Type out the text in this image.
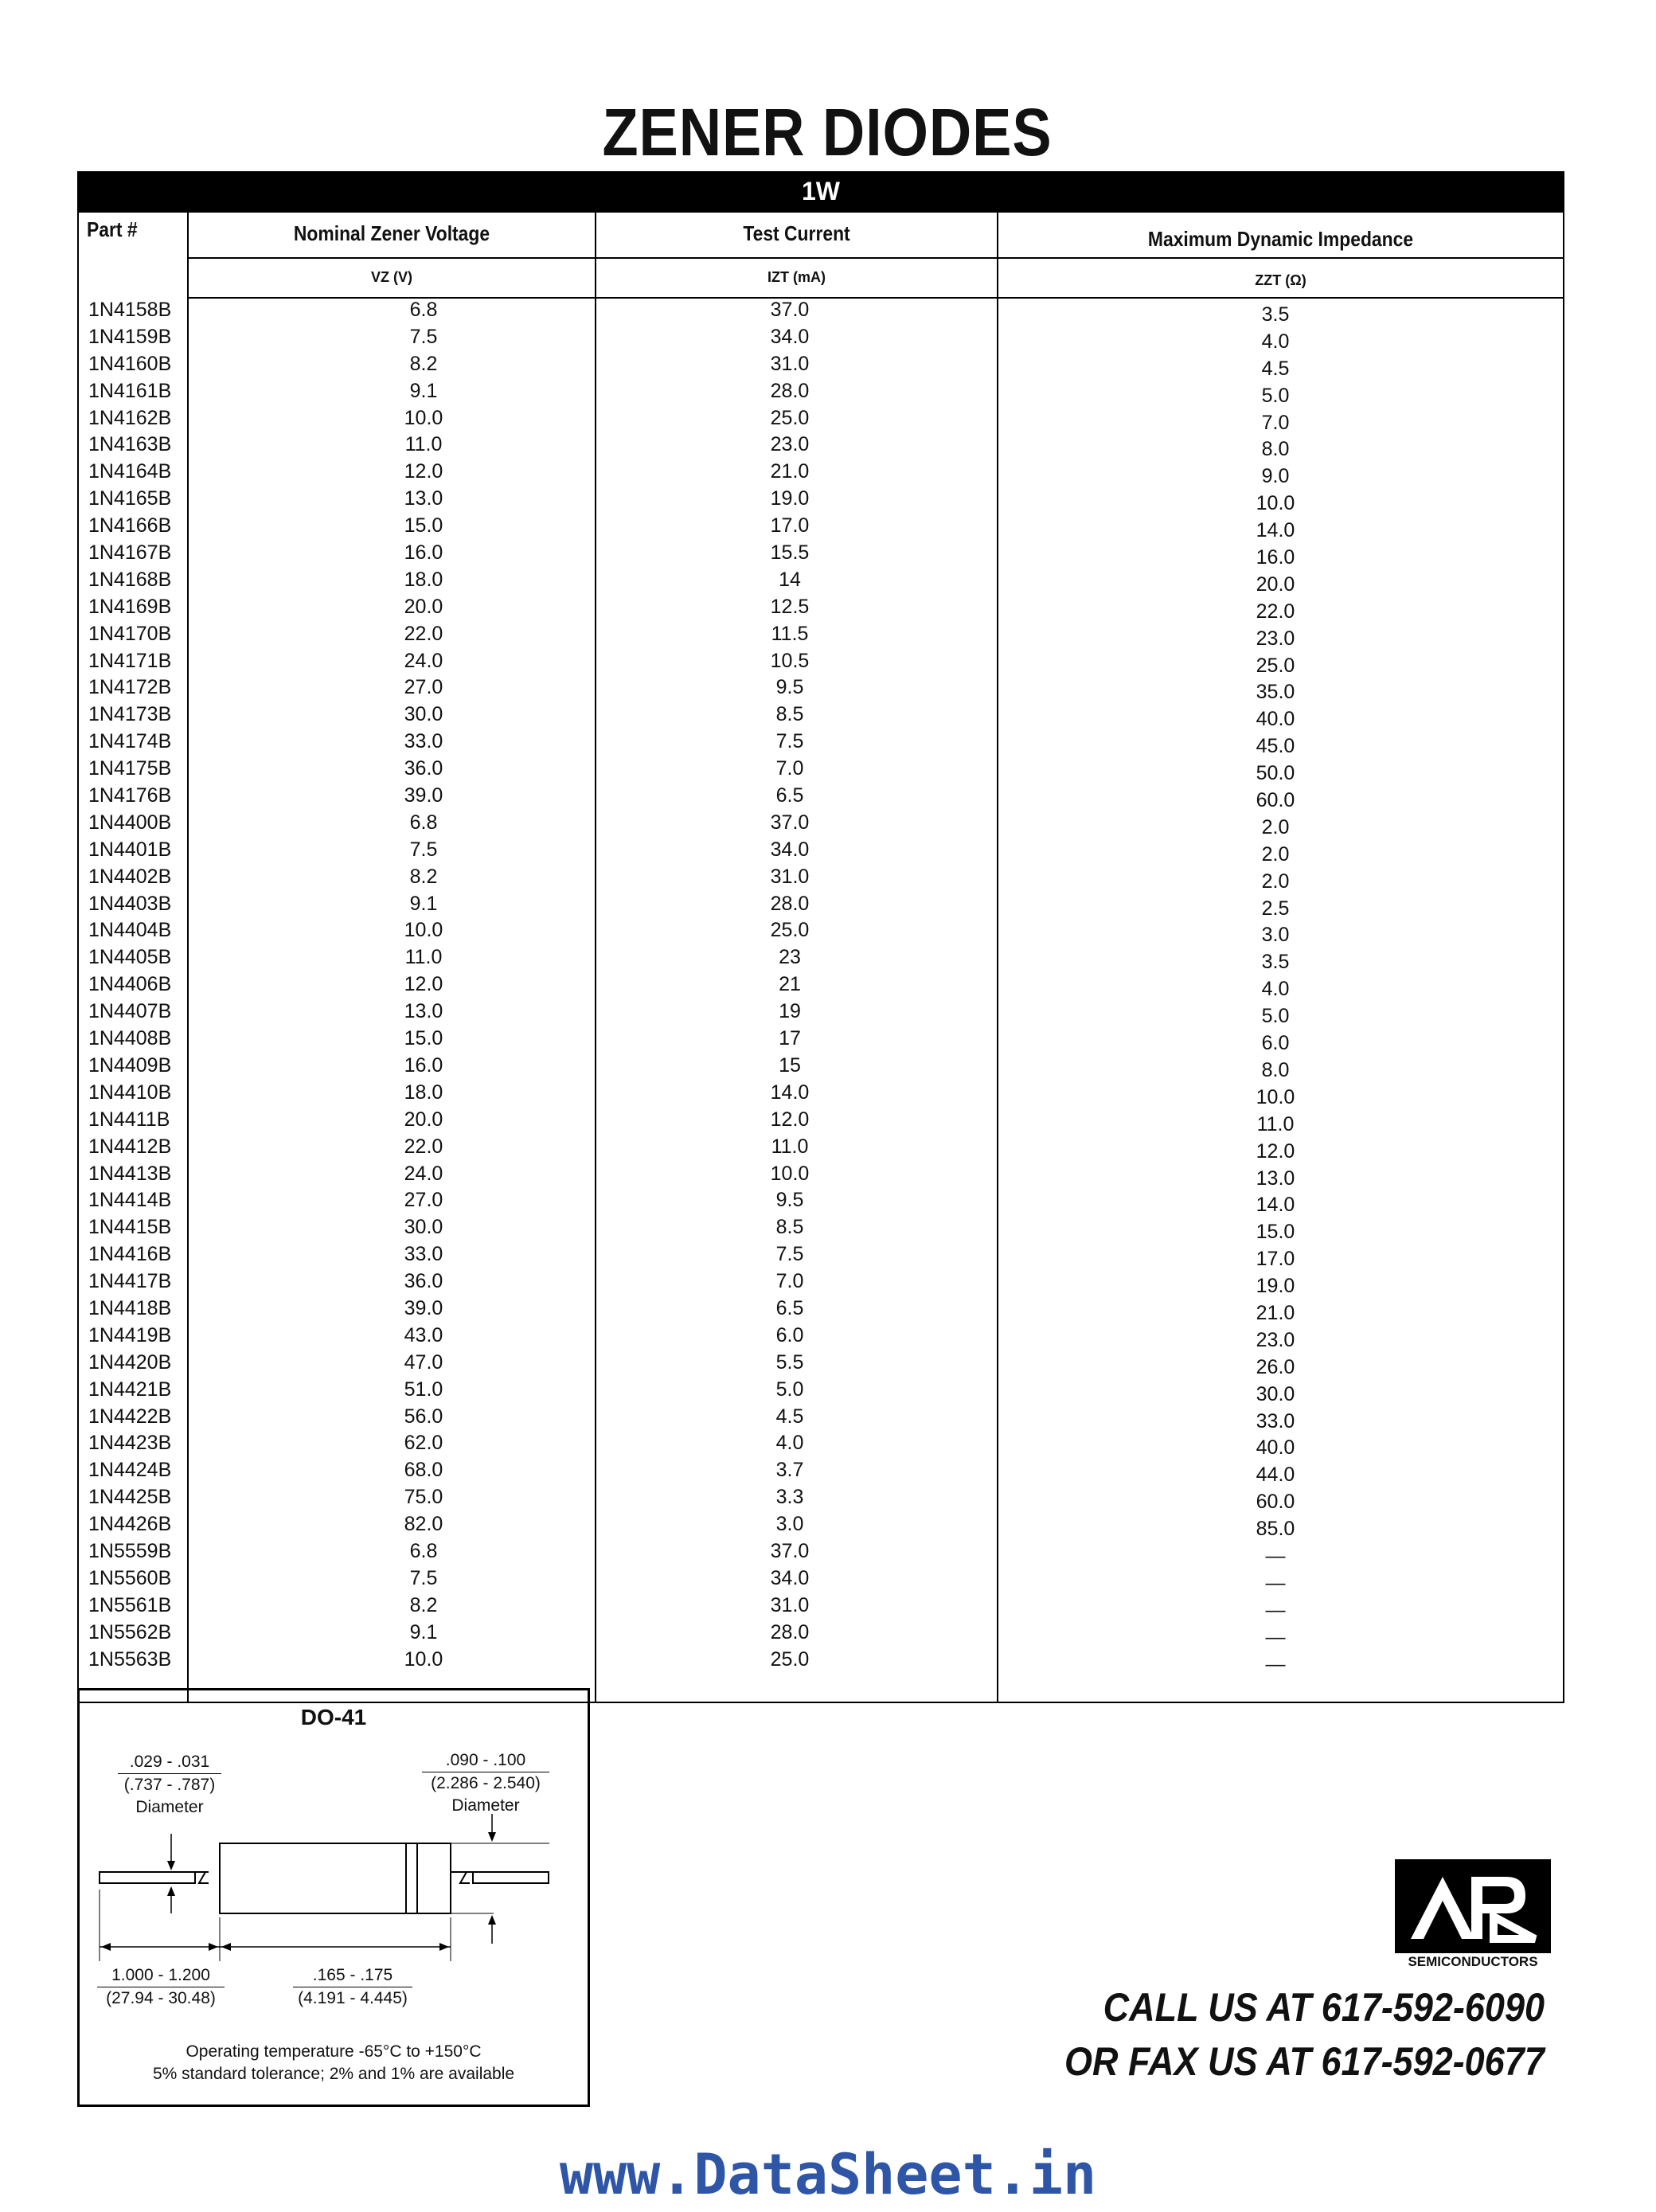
ZENER DIODES
1W
Part #	Nominal Zener Voltage	Test Current	Maximum Dynamic Impedance
VZ (V)	IZT (mA)	ZZT (Ω)
1N4158B	6.8	37.0	3.5
1N4159B	7.5	34.0	4.0
1N4160B	8.2	31.0	4.5
1N4161B	9.1	28.0	5.0
1N4162B	10.0	25.0	7.0
1N4163B	11.0	23.0	8.0
1N4164B	12.0	21.0	9.0
1N4165B	13.0	19.0	10.0
1N4166B	15.0	17.0	14.0
1N4167B	16.0	15.5	16.0
1N4168B	18.0	14	20.0
1N4169B	20.0	12.5	22.0
1N4170B	22.0	11.5	23.0
1N4171B	24.0	10.5	25.0
1N4172B	27.0	9.5	35.0
1N4173B	30.0	8.5	40.0
1N4174B	33.0	7.5	45.0
1N4175B	36.0	7.0	50.0
1N4176B	39.0	6.5	60.0
1N4400B	6.8	37.0	2.0
1N4401B	7.5	34.0	2.0
1N4402B	8.2	31.0	2.0
1N4403B	9.1	28.0	2.5
1N4404B	10.0	25.0	3.0
1N4405B	11.0	23	3.5
1N4406B	12.0	21	4.0
1N4407B	13.0	19	5.0
1N4408B	15.0	17	6.0
1N4409B	16.0	15	8.0
1N4410B	18.0	14.0	10.0
1N4411B	20.0	12.0	11.0
1N4412B	22.0	11.0	12.0
1N4413B	24.0	10.0	13.0
1N4414B	27.0	9.5	14.0
1N4415B	30.0	8.5	15.0
1N4416B	33.0	7.5	17.0
1N4417B	36.0	7.0	19.0
1N4418B	39.0	6.5	21.0
1N4419B	43.0	6.0	23.0
1N4420B	47.0	5.5	26.0
1N4421B	51.0	5.0	30.0
1N4422B	56.0	4.5	33.0
1N4423B	62.0	4.0	40.0
1N4424B	68.0	3.7	44.0
1N4425B	75.0	3.3	60.0
1N4426B	82.0	3.0	85.0
1N5559B	6.8	37.0	—
1N5560B	7.5	34.0	—
1N5561B	8.2	31.0	—
1N5562B	9.1	28.0	—
1N5563B	10.0	25.0	—
DO-41
.029 - .031
(.737 - .787)
Diameter
.090 - .100
(2.286 - 2.540)
Diameter
1.000 - 1.200
(27.94 - 30.48)
.165 - .175
(4.191 - 4.445)
Operating temperature -65°C to +150°C
5% standard tolerance; 2% and 1% are available
SEMICONDUCTORS
CALL US AT 617-592-6090
OR FAX US AT 617-592-0677
www.DataSheet.in
